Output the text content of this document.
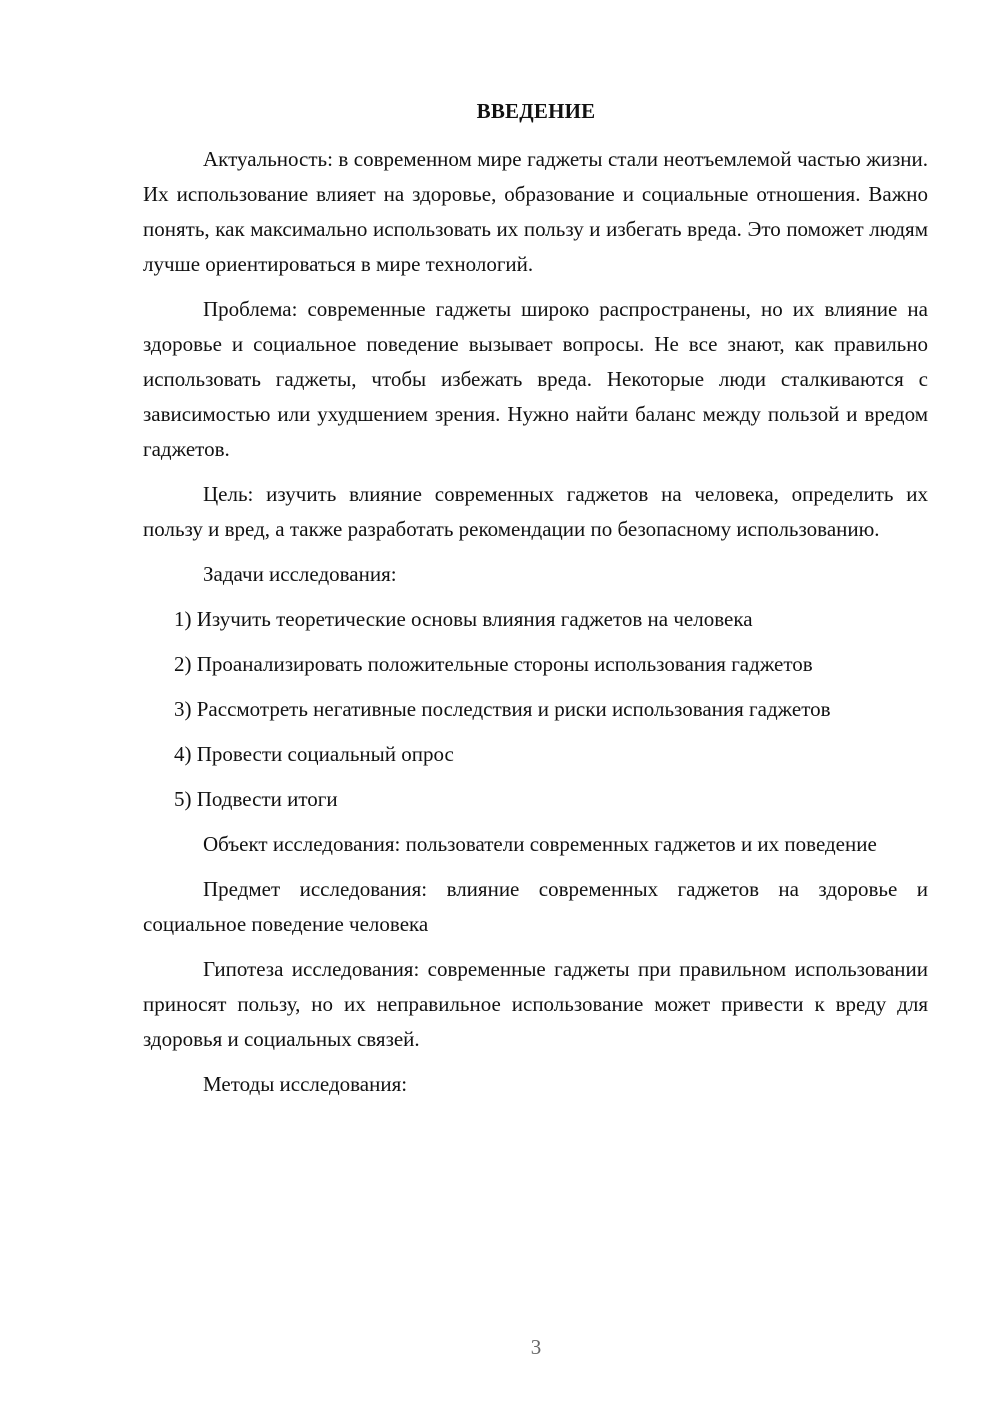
ВВЕДЕНИЕ

Актуальность: в современном мире гаджеты стали неотъемлемой частью жизни. Их использование влияет на здоровье, образование и социальные отношения. Важно понять, как максимально использовать их пользу и избегать вреда. Это поможет людям лучше ориентироваться в мире технологий.

Проблема: современные гаджеты широко распространены, но их влияние на здоровье и социальное поведение вызывает вопросы. Не все знают, как правильно использовать гаджеты, чтобы избежать вреда. Некоторые люди сталкиваются с зависимостью или ухудшением зрения. Нужно найти баланс между пользой и вредом гаджетов.

Цель: изучить влияние современных гаджетов на человека, определить их пользу и вред, а также разработать рекомендации по безопасному использованию.

Задачи исследования:

1) Изучить теоретические основы влияния гаджетов на человека

2) Проанализировать положительные стороны использования гаджетов

3) Рассмотреть негативные последствия и риски использования гаджетов

4) Провести социальный опрос

5) Подвести итоги

Объект исследования: пользователи современных гаджетов и их поведение

Предмет исследования: влияние современных гаджетов на здоровье и социальное поведение человека

Гипотеза исследования: современные гаджеты при правильном использовании приносят пользу, но их неправильное использование может привести к вреду для здоровья и социальных связей.

Методы исследования:

3
